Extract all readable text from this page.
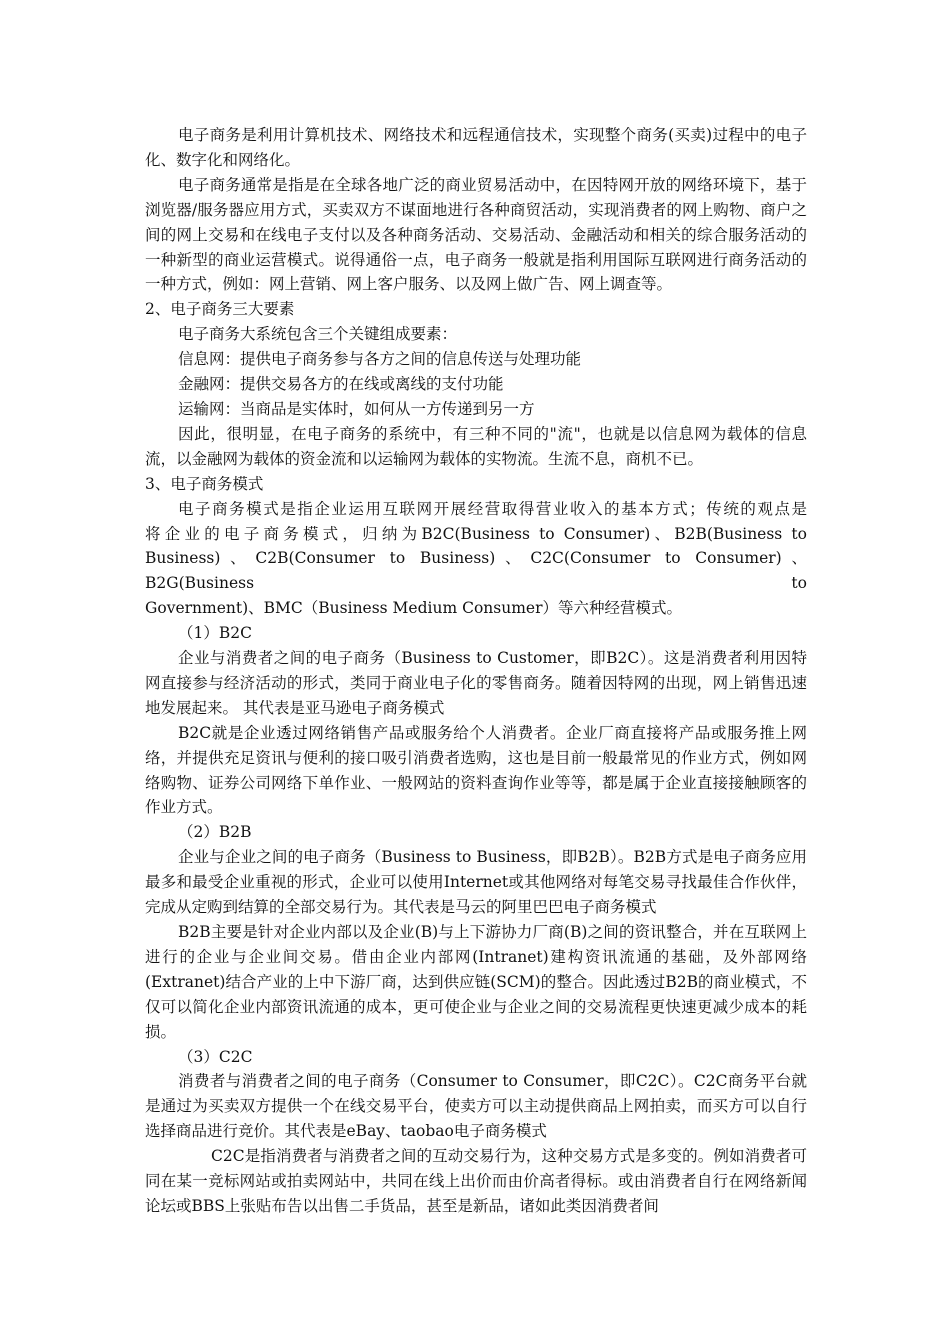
电子商务是利用计算机技术、网络技术和远程通信技术，实现整个商务(买卖)过程中的电子化、数字化和网络化。

电子商务通常是指是在全球各地广泛的商业贸易活动中，在因特网开放的网络环境下，基于浏览器/服务器应用方式，买卖双方不谋面地进行各种商贸活动，实现消费者的网上购物、商户之间的网上交易和在线电子支付以及各种商务活动、交易活动、金融活动和相关的综合服务活动的一种新型的商业运营模式。说得通俗一点，电子商务一般就是指利用国际互联网进行商务活动的一种方式，例如：网上营销、网上客户服务、以及网上做广告、网上调查等。

2、电子商务三大要素

电子商务大系统包含三个关键组成要素：

信息网：提供电子商务参与各方之间的信息传送与处理功能

金融网：提供交易各方的在线或离线的支付功能

运输网：当商品是实体时，如何从一方传递到另一方

因此，很明显，在电子商务的系统中，有三种不同的"流"，也就是以信息网为载体的信息流，以金融网为载体的资金流和以运输网为载体的实物流。生流不息，商机不已。

3、电子商务模式

电子商务模式是指企业运用互联网开展经营取得营业收入的基本方式；传统的观点是

将企业的电子商务模式，归纳为B2C(Business to Consumer)、B2B(Business to

Business)、C2B(Consumer to Business)、C2C(Consumer to Consumer)、B2G(Business to

Government)、BMC（Business Medium Consumer）等六种经营模式。

（1）B2C

企业与消费者之间的电子商务（Business to Customer，即B2C）。这是消费者利用因特网直接参与经济活动的形式，类同于商业电子化的零售商务。随着因特网的出现，网上销售迅速地发展起来。 其代表是亚马逊电子商务模式

B2C就是企业透过网络销售产品或服务给个人消费者。企业厂商直接将产品或服务推上网络，并提供充足资讯与便利的接口吸引消费者选购，这也是目前一般最常见的作业方式，例如网络购物、证券公司网络下单作业、一般网站的资料查询作业等等，都是属于企业直接接触顾客的作业方式。

（2）B2B

企业与企业之间的电子商务（Business to Business，即B2B）。B2B方式是电子商务应用最多和最受企业重视的形式，企业可以使用Internet或其他网络对每笔交易寻找最佳合作伙伴，完成从定购到结算的全部交易行为。其代表是马云的阿里巴巴电子商务模式

B2B主要是针对企业内部以及企业(B)与上下游协力厂商(B)之间的资讯整合，并在互联网上进行的企业与企业间交易。借由企业内部网(Intranet)建构资讯流通的基础，及外部网络(Extranet)结合产业的上中下游厂商，达到供应链(SCM)的整合。因此透过B2B的商业模式，不仅可以简化企业内部资讯流通的成本，更可使企业与企业之间的交易流程更快速更减少成本的耗损。

（3）C2C

消费者与消费者之间的电子商务（Consumer to Consumer，即C2C）。C2C商务平台就是通过为买卖双方提供一个在线交易平台，使卖方可以主动提供商品上网拍卖，而买方可以自行选择商品进行竞价。其代表是eBay、taobao电子商务模式

C2C是指消费者与消费者之间的互动交易行为，这种交易方式是多变的。例如消费者可同在某一竞标网站或拍卖网站中，共同在线上出价而由价高者得标。或由消费者自行在网络新闻论坛或BBS上张贴布告以出售二手货品，甚至是新品，诸如此类因消费者间
